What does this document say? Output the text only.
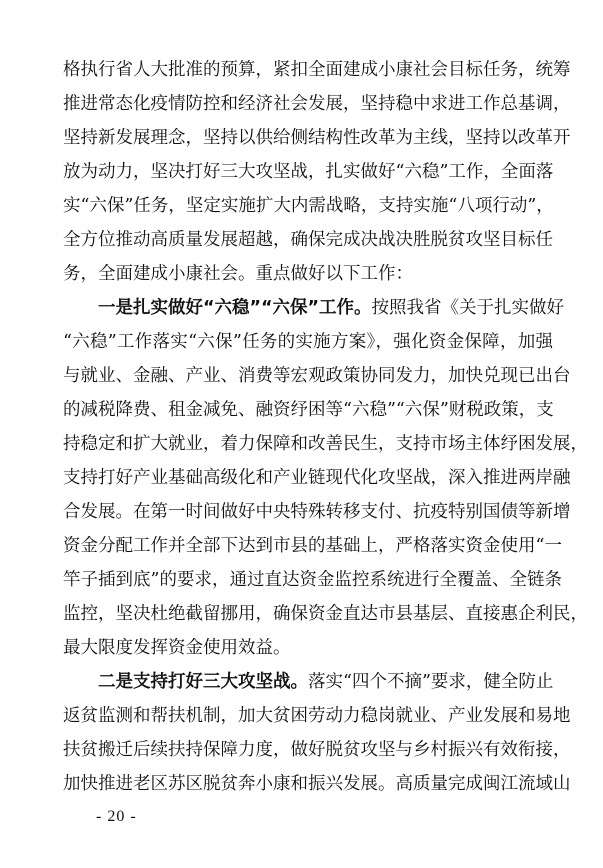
格执行省人大批准的预算，紧扣全面建成小康社会目标任务，统筹
推进常态化疫情防控和经济社会发展，坚持稳中求进工作总基调，
坚持新发展理念，坚持以供给侧结构性改革为主线，坚持以改革开
放为动力，坚决打好三大攻坚战，扎实做好“六稳”工作，全面落
实“六保”任务，坚定实施扩大内需战略，支持实施“八项行动”，
全方位推动高质量发展超越，确保完成决战决胜脱贫攻坚目标任
务，全面建成小康社会。重点做好以下工作：
一是扎实做好“六稳”“六保”工作。按照我省《关于扎实做好
“六稳”工作落实“六保”任务的实施方案》，强化资金保障，加强
与就业、金融、产业、消费等宏观政策协同发力，加快兑现已出台
的减税降费、租金减免、融资纾困等“六稳”“六保”财税政策，支
持稳定和扩大就业，着力保障和改善民生，支持市场主体纾困发展，
支持打好产业基础高级化和产业链现代化攻坚战，深入推进两岸融
合发展。在第一时间做好中央特殊转移支付、抗疫特别国债等新增
资金分配工作并全部下达到市县的基础上，严格落实资金使用“一
竿子插到底”的要求，通过直达资金监控系统进行全覆盖、全链条
监控，坚决杜绝截留挪用，确保资金直达市县基层、直接惠企利民，
最大限度发挥资金使用效益。
二是支持打好三大攻坚战。落实“四个不摘”要求，健全防止
返贫监测和帮扶机制，加大贫困劳动力稳岗就业、产业发展和易地
扶贫搬迁后续扶持保障力度，做好脱贫攻坚与乡村振兴有效衔接，
加快推进老区苏区脱贫奔小康和振兴发展。高质量完成闽江流域山
- 20 -
